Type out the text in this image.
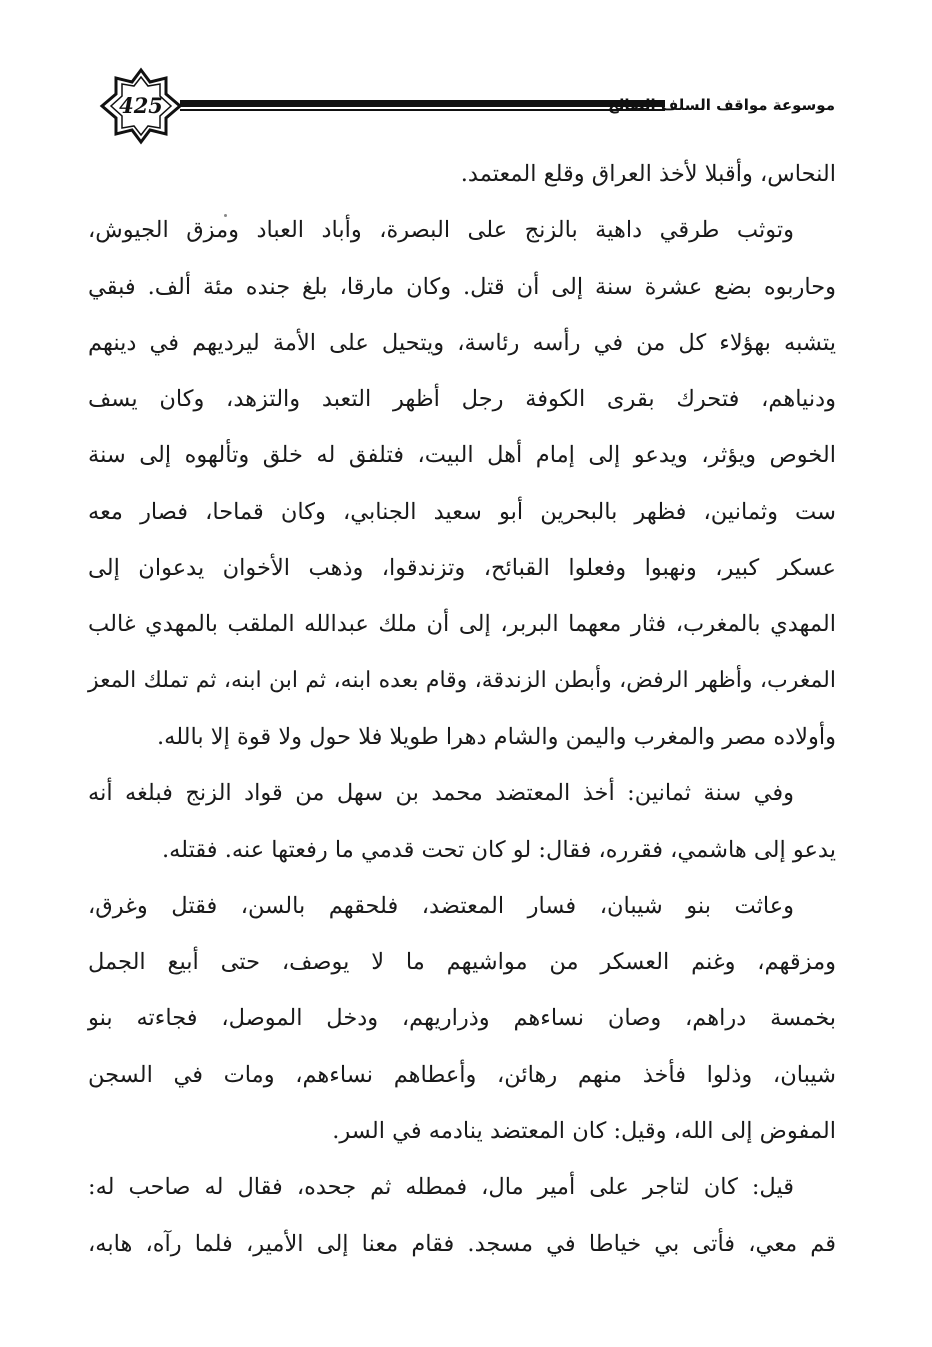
425	موسوعة مواقف السلف الصالح
النحاس، وأقبلا لأخذ العراق وقلع المعتمد.
وتوثب طرقي داهية بالزنج على البصرة، وأباد العباد ومزق الجيوش،
وحاربوه بضع عشرة سنة إلى أن قتل. وكان مارقا، بلغ جنده مئة ألف. فبقي
يتشبه بهؤلاء كل من في رأسه رئاسة، ويتحيل على الأمة ليرديهم في دينهم
ودنياهم، فتحرك بقرى الكوفة رجل أظهر التعبد والتزهد، وكان يسف
الخوص ويؤثر، ويدعو إلى إمام أهل البيت، فتلفق له خلق وتألهوه إلى سنة
ست وثمانين، فظهر بالبحرين أبو سعيد الجنابي، وكان قماحا، فصار معه
عسكر كبير، ونهبوا وفعلوا القبائح، وتزندقوا، وذهب الأخوان يدعوان إلى
المهدي بالمغرب، فثار معهما البربر، إلى أن ملك عبدالله الملقب بالمهدي غالب
المغرب، وأظهر الرفض، وأبطن الزندقة، وقام بعده ابنه، ثم ابن ابنه، ثم تملك المعز
وأولاده مصر والمغرب واليمن والشام دهرا طويلا فلا حول ولا قوة إلا بالله.
وفي سنة ثمانين: أخذ المعتضد محمد بن سهل من قواد الزنج فبلغه أنه
يدعو إلى هاشمي، فقرره، فقال: لو كان تحت قدمي ما رفعتها عنه. فقتله.
وعاثت بنو شيبان، فسار المعتضد، فلحقهم بالسن، فقتل وغرق،
ومزقهم، وغنم العسكر من مواشيهم ما لا يوصف، حتى أبيع الجمل
بخمسة دراهم، وصان نساءهم وذراريهم، ودخل الموصل، فجاءته بنو
شيبان، وذلوا فأخذ منهم رهائن، وأعطاهم نساءهم، ومات في السجن
المفوض إلى الله، وقيل: كان المعتضد ينادمه في السر.
قيل: كان لتاجر على أمير مال، فمطله ثم جحده، فقال له صاحب له:
قم معي، فأتى بي خياطا في مسجد. فقام معنا إلى الأمير، فلما رآه، هابه،
